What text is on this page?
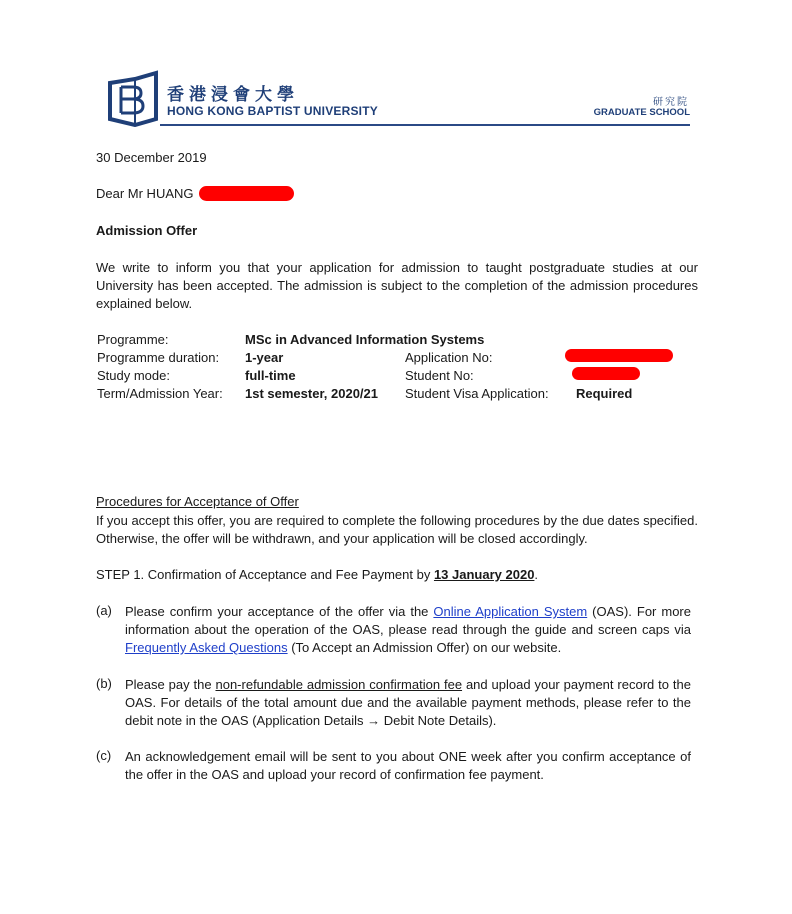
香港浸會大學
HONG KONG BAPTIST UNIVERSITY
研究院
GRADUATE SCHOOL
30 December 2019
Dear Mr HUANG
Admission Offer
We write to inform you that your application for admission to taught postgraduate studies at our University has been accepted. The admission is subject to the completion of the admission procedures explained below.
Programme:	MSc in Advanced Information Systems
Programme duration: 1-year	Application No:
Study mode:	full-time	Student No:
Term/Admission Year: 1st semester, 2020/21 Student Visa Application: Required
Procedures for Acceptance of Offer
If you accept this offer, you are required to complete the following procedures by the due dates specified. Otherwise, the offer will be withdrawn, and your application will be closed accordingly.
STEP 1. Confirmation of Acceptance and Fee Payment by 13 January 2020.
(a) Please confirm your acceptance of the offer via the Online Application System (OAS). For more information about the operation of the OAS, please read through the guide and screen caps via Frequently Asked Questions (To Accept an Admission Offer) on our website.
(b) Please pay the non-refundable admission confirmation fee and upload your payment record to the OAS. For details of the total amount due and the available payment methods, please refer to the debit note in the OAS (Application Details → Debit Note Details).
(c) An acknowledgement email will be sent to you about ONE week after you confirm acceptance of the offer in the OAS and upload your record of confirmation fee payment.
